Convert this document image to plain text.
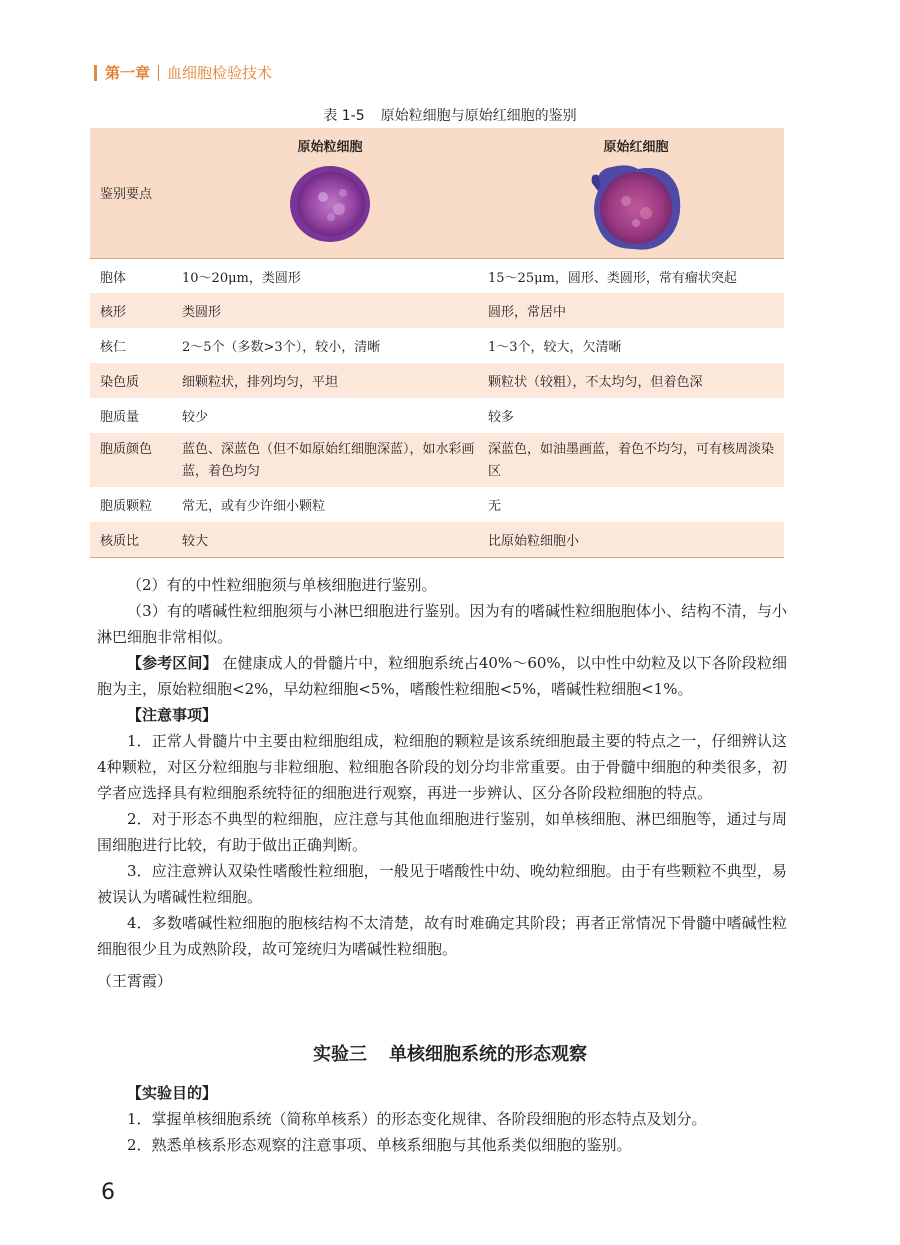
第一章 血细胞检验技术
表 1-5 原始粒细胞与原始红细胞的鉴别
鉴别要点	原始粒细胞	原始红细胞

胞体	10～20μm，类圆形	15～25μm，圆形、类圆形，常有瘤状突起
核形	类圆形	圆形，常居中
核仁	2～5个（多数>3个），较小，清晰	1～3个，较大，欠清晰
染色质	细颗粒状，排列均匀，平坦	颗粒状（较粗），不太均匀，但着色深
胞质量	较少	较多
胞质颜色	蓝色、深蓝色（但不如原始红细胞深蓝），如水彩画蓝，着色均匀	深蓝色，如油墨画蓝，着色不均匀，可有核周淡染区
胞质颗粒	常无，或有少许细小颗粒	无
核质比	较大	比原始粒细胞小

（2）有的中性粒细胞须与单核细胞进行鉴别。

（3）有的嗜碱性粒细胞须与小淋巴细胞进行鉴别。因为有的嗜碱性粒细胞胞体小、结构不清，与小淋巴细胞非常相似。

【参考区间】 在健康成人的骨髓片中，粒细胞系统占40%～60%，以中性中幼粒及以下各阶段粒细胞为主，原始粒细胞<2%，早幼粒细胞<5%，嗜酸性粒细胞<5%，嗜碱性粒细胞<1%。

【注意事项】

1．正常人骨髓片中主要由粒细胞组成，粒细胞的颗粒是该系统细胞最主要的特点之一，仔细辨认这4种颗粒，对区分粒细胞与非粒细胞、粒细胞各阶段的划分均非常重要。由于骨髓中细胞的种类很多，初学者应选择具有粒细胞系统特征的细胞进行观察，再进一步辨认、区分各阶段粒细胞的特点。

2．对于形态不典型的粒细胞，应注意与其他血细胞进行鉴别，如单核细胞、淋巴细胞等，通过与周围细胞进行比较，有助于做出正确判断。

3．应注意辨认双染性嗜酸性粒细胞，一般见于嗜酸性中幼、晚幼粒细胞。由于有些颗粒不典型，易被误认为嗜碱性粒细胞。

4．多数嗜碱性粒细胞的胞核结构不太清楚，故有时难确定其阶段；再者正常情况下骨髓中嗜碱性粒细胞很少且为成熟阶段，故可笼统归为嗜碱性粒细胞。

（王霄霞）

实验三 单核细胞系统的形态观察

【实验目的】

1．掌握单核细胞系统（简称单核系）的形态变化规律、各阶段细胞的形态特点及划分。

2．熟悉单核系形态观察的注意事项、单核系细胞与其他系类似细胞的鉴别。

6
